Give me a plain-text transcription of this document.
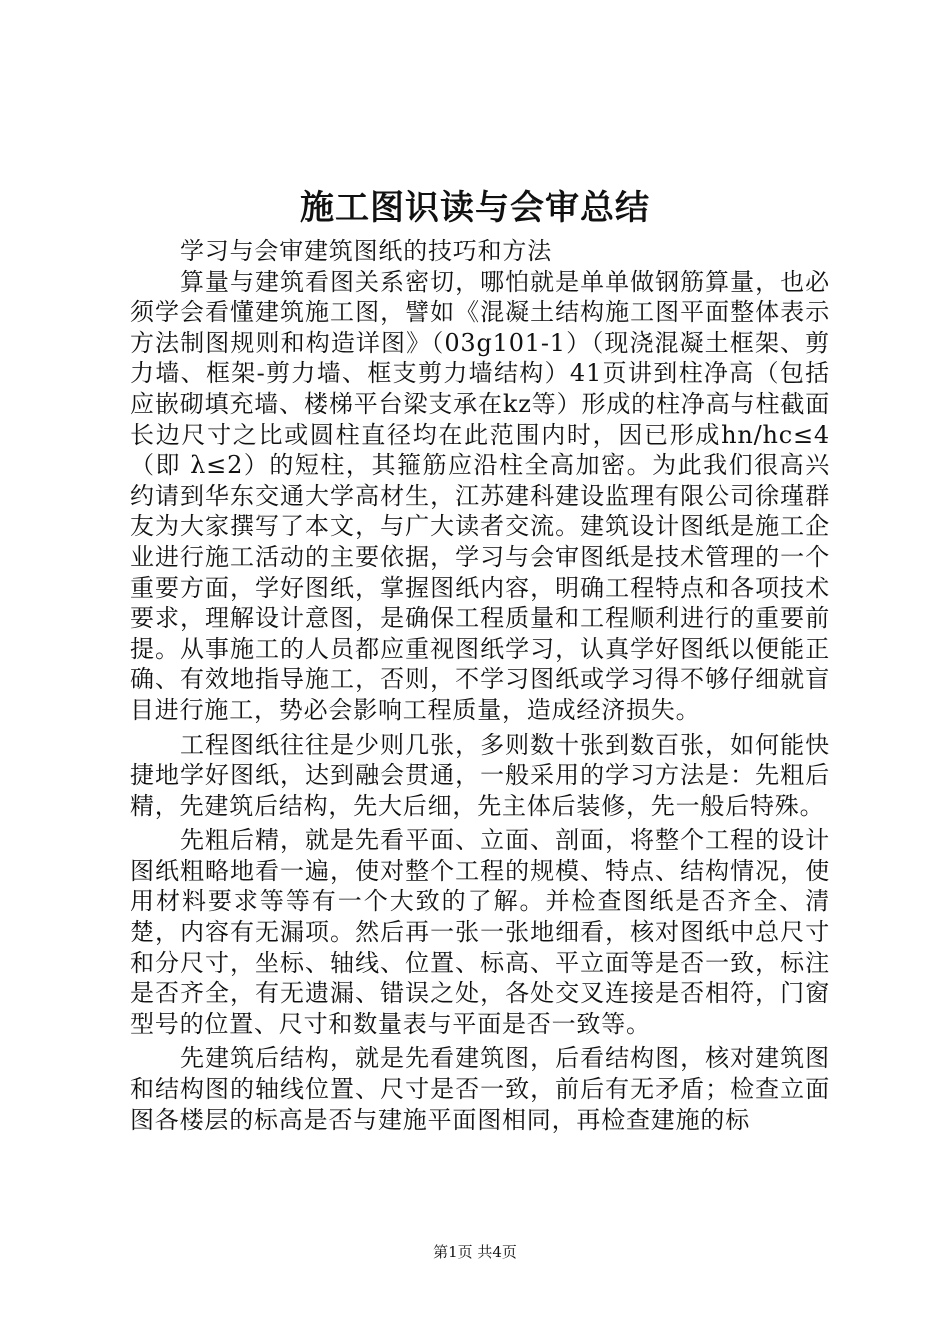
施工图识读与会审总结

学习与会审建筑图纸的技巧和方法

算量与建筑看图关系密切，哪怕就是单单做钢筋算量，也必须学会看懂建筑施工图，譬如《混凝土结构施工图平面整体表示方法制图规则和构造详图》（03g101-1）（现浇混凝土框架、剪力墙、框架-剪力墙、框支剪力墙结构）41页讲到柱净高（包括应嵌砌填充墙、楼梯平台梁支承在kz等）形成的柱净高与柱截面长边尺寸之比或圆柱直径均在此范围内时，因已形成hn/hc≤4（即 λ≤2）的短柱，其箍筋应沿柱全高加密。为此我们很高兴约请到华东交通大学高材生，江苏建科建设监理有限公司徐瑾群友为大家撰写了本文，与广大读者交流。建筑设计图纸是施工企业进行施工活动的主要依据，学习与会审图纸是技术管理的一个重要方面，学好图纸，掌握图纸内容，明确工程特点和各项技术要求，理解设计意图，是确保工程质量和工程顺利进行的重要前提。从事施工的人员都应重视图纸学习，认真学好图纸以便能正确、有效地指导施工，否则，不学习图纸或学习得不够仔细就盲目进行施工，势必会影响工程质量，造成经济损失。

工程图纸往往是少则几张，多则数十张到数百张，如何能快捷地学好图纸，达到融会贯通，一般采用的学习方法是：先粗后精，先建筑后结构，先大后细，先主体后装修，先一般后特殊。

先粗后精，就是先看平面、立面、剖面，将整个工程的设计图纸粗略地看一遍，使对整个工程的规模、特点、结构情况，使用材料要求等等有一个大致的了解。并检查图纸是否齐全、清楚，内容有无漏项。然后再一张一张地细看，核对图纸中总尺寸和分尺寸，坐标、轴线、位置、标高、平立面等是否一致，标注是否齐全，有无遗漏、错误之处，各处交叉连接是否相符，门窗型号的位置、尺寸和数量表与平面是否一致等。

先建筑后结构，就是先看建筑图，后看结构图，核对建筑图和结构图的轴线位置、尺寸是否一致，前后有无矛盾；检查立面图各楼层的标高是否与建施平面图相同，再检查建施的标

第1页 共4页
